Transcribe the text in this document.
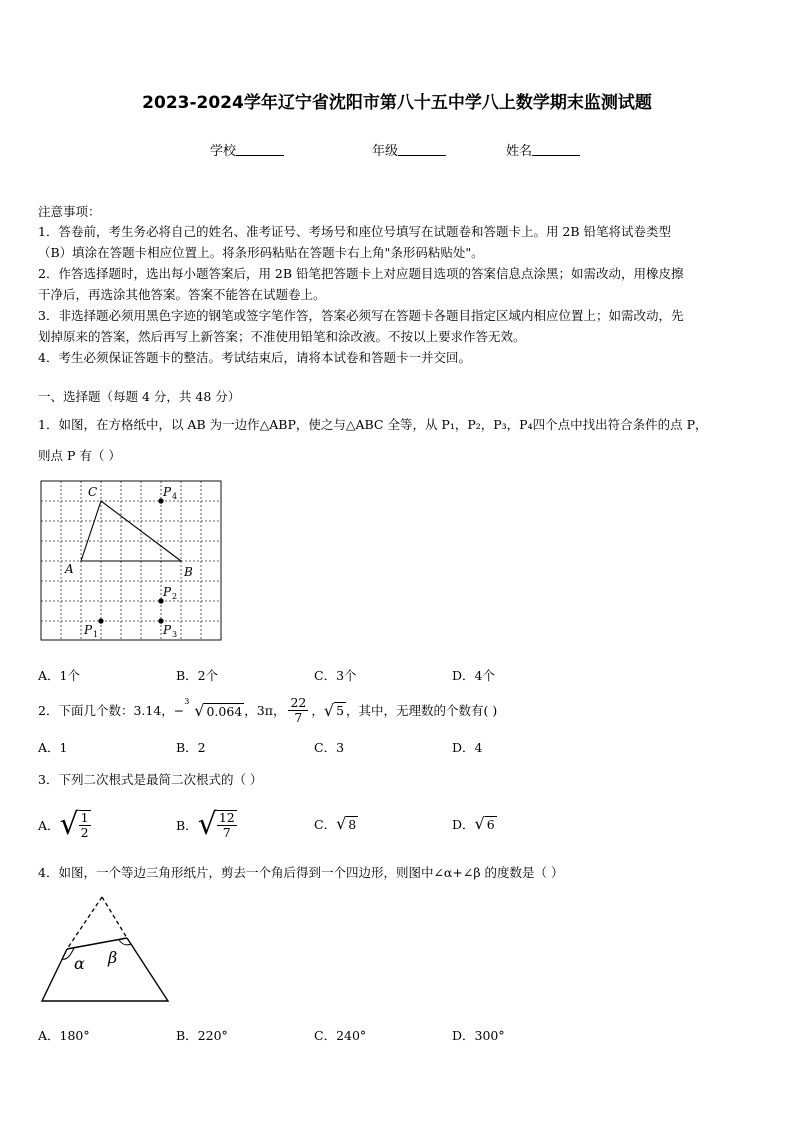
2023-2024学年辽宁省沈阳市第八十五中学八上数学期末监测试题
学校	年级	姓名
注意事项：
1．答卷前，考生务必将自己的姓名、准考证号、考场号和座位号填写在试题卷和答题卡上。用 2B 铅笔将试卷类型
（B）填涂在答题卡相应位置上。将条形码粘贴在答题卡右上角"条形码粘贴处"。
2．作答选择题时，选出每小题答案后，用 2B 铅笔把答题卡上对应题目选项的答案信息点涂黑；如需改动，用橡皮擦
干净后，再选涂其他答案。答案不能答在试题卷上。
3．非选择题必须用黑色字迹的钢笔或签字笔作答，答案必须写在答题卡各题目指定区域内相应位置上；如需改动，先
划掉原来的答案，然后再写上新答案；不准使用铅笔和涂改液。不按以上要求作答无效。
4．考生必须保证答题卡的整洁。考试结束后，请将本试卷和答题卡一并交回。
一、选择题（每题 4 分，共 48 分）
1．如图，在方格纸中，以 AB 为一边作△ABP，使之与△ABC 全等，从 P₁，P₂，P₃，P₄四个点中找出符合条件的点 P，
则点 P 有（ ）
C
A	B
P
P
P
P
4
2
3
1
A．1个	B．2个	C．3个	D．4个
2．下面几个数：3.14， −
3 √ 0.064 ，3π， $\frac{22}{7}$ ， √ 5 ，其中，无理数的个数有( )
A．1	B．2	C．3	D．4
3．下列二次根式是最简二次根式的（ ）
A． √ $\frac{1}{2}$	B． √ $\frac{12}{7}$	C．√ 8	D．√ 6
4．如图，一个等边三角形纸片，剪去一个角后得到一个四边形，则图中∠α+∠β 的度数是（ ）
α β
A．180°	B．220°	C．240°	D．300°
